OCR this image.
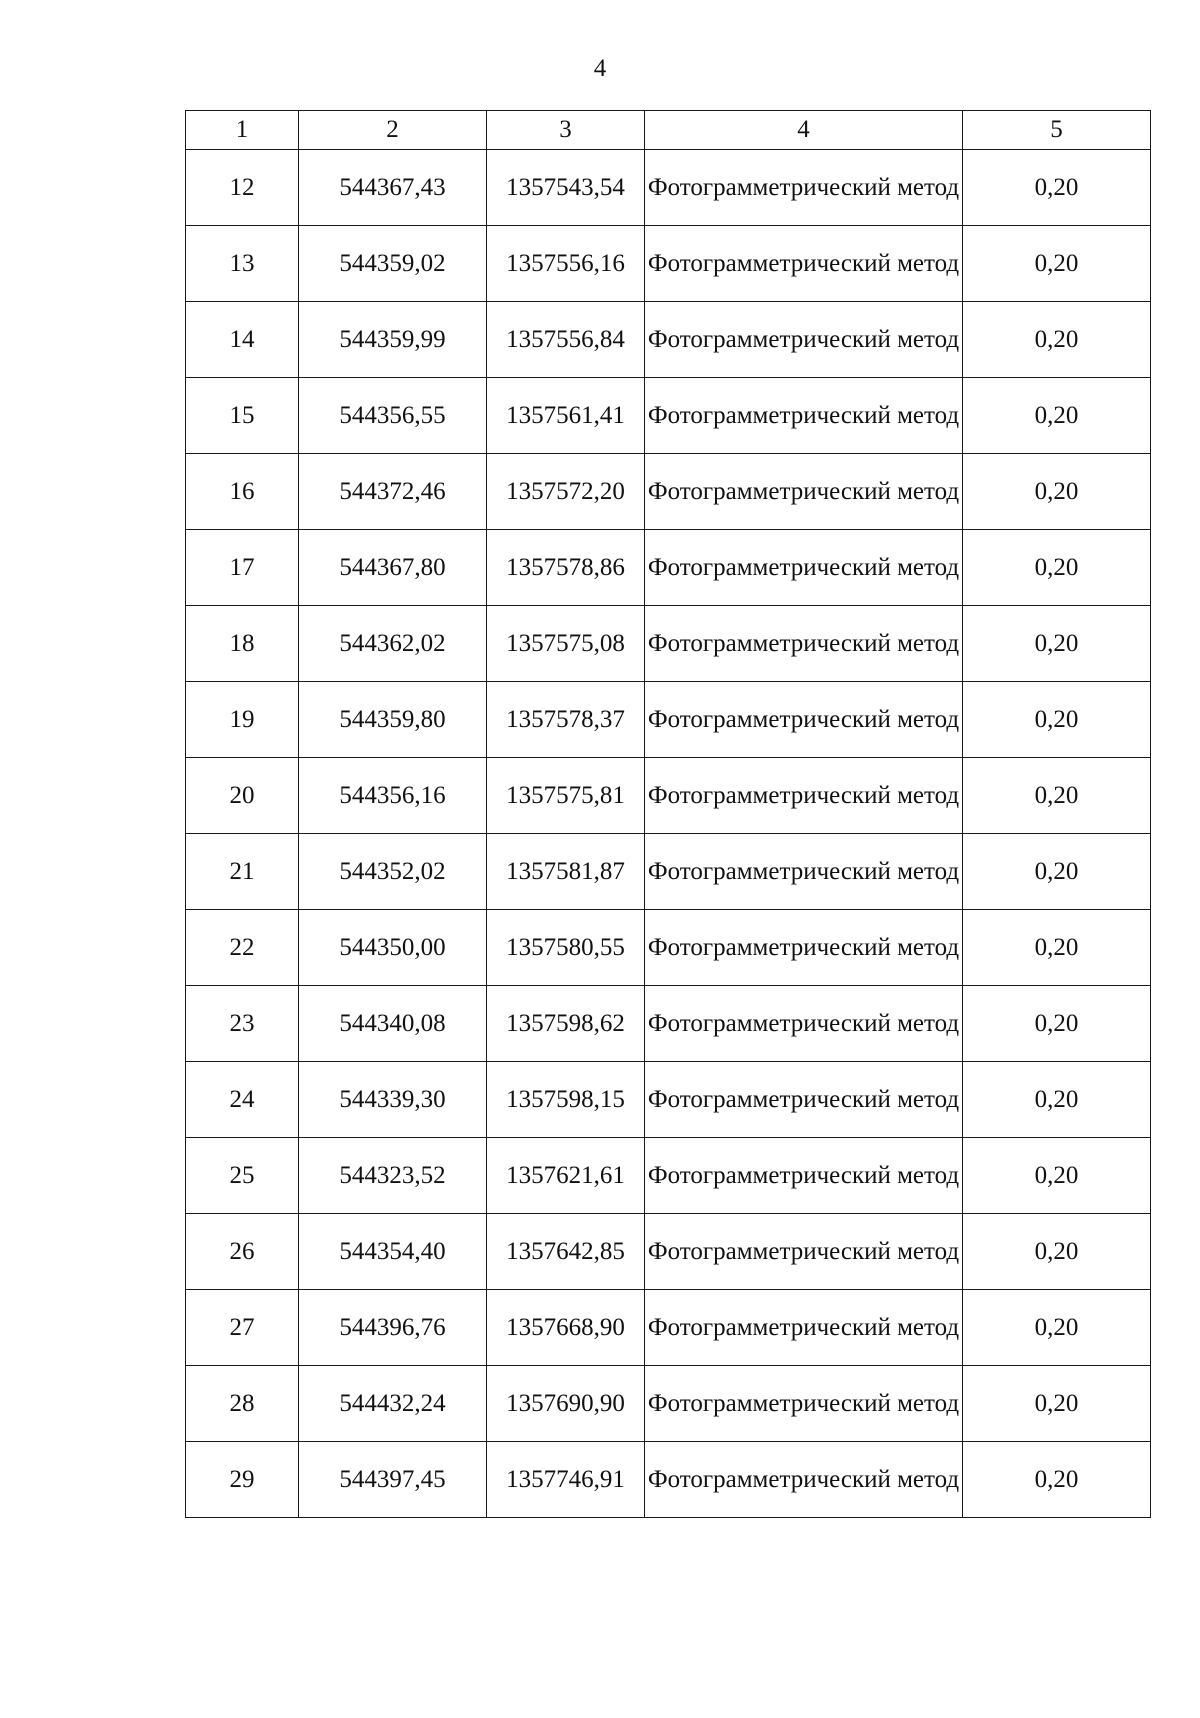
4
1	2	3	4	5
12	544367,43	1357543,54	Фотограмметрический метод	0,20
13	544359,02	1357556,16	Фотограмметрический метод	0,20
14	544359,99	1357556,84	Фотограмметрический метод	0,20
15	544356,55	1357561,41	Фотограмметрический метод	0,20
16	544372,46	1357572,20	Фотограмметрический метод	0,20
17	544367,80	1357578,86	Фотограмметрический метод	0,20
18	544362,02	1357575,08	Фотограмметрический метод	0,20
19	544359,80	1357578,37	Фотограмметрический метод	0,20
20	544356,16	1357575,81	Фотограмметрический метод	0,20
21	544352,02	1357581,87	Фотограмметрический метод	0,20
22	544350,00	1357580,55	Фотограмметрический метод	0,20
23	544340,08	1357598,62	Фотограмметрический метод	0,20
24	544339,30	1357598,15	Фотограмметрический метод	0,20
25	544323,52	1357621,61	Фотограмметрический метод	0,20
26	544354,40	1357642,85	Фотограмметрический метод	0,20
27	544396,76	1357668,90	Фотограмметрический метод	0,20
28	544432,24	1357690,90	Фотограмметрический метод	0,20
29	544397,45	1357746,91	Фотограмметрический метод	0,20
